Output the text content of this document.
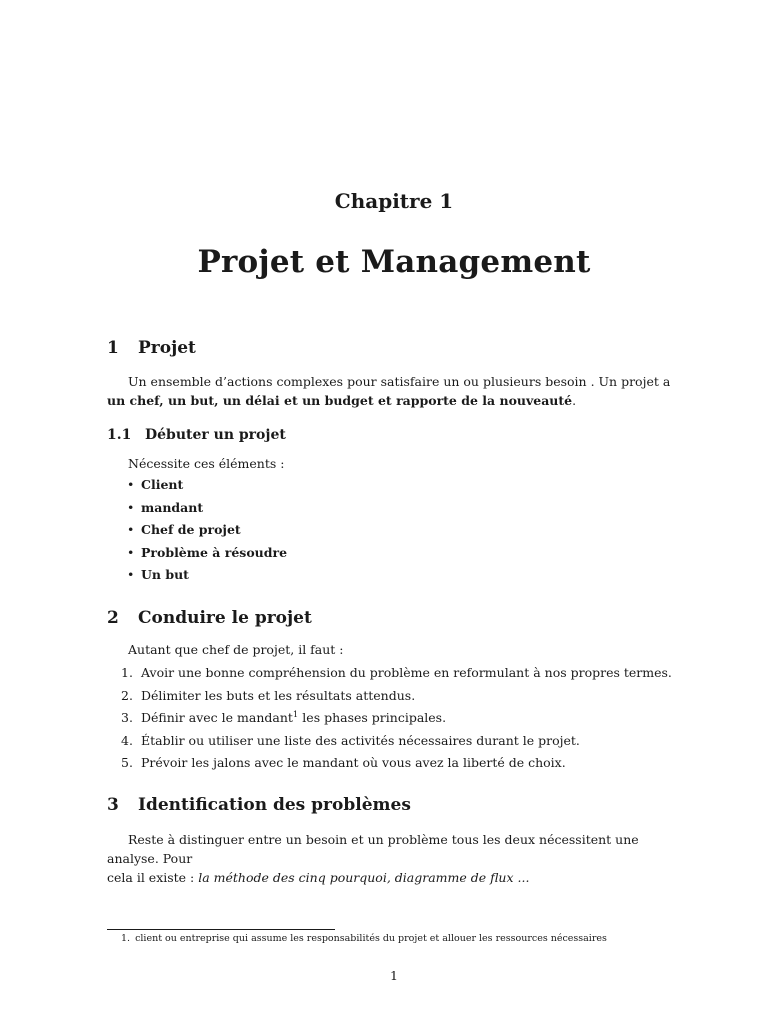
Chapitre 1
Projet et Management
1 Projet
Un ensemble d’actions complexes pour satisfaire un ou plusieurs besoin . Un projet a un chef, un but, un délai et un budget et rapporte de la nouveauté.
1.1 Débuter un projet
Nécessite ces éléments :
• Client
• mandant
• Chef de projet
• Problème à résoudre
• Un but
2 Conduire le projet
Autant que chef de projet, il faut :
1. Avoir une bonne compréhension du problème en reformulant à nos propres termes.
2. Délimiter les buts et les résultats attendus.
3. Définir avec le mandant$^1$ les phases principales.
4. Établir ou utiliser une liste des activités nécessaires durant le projet.
5. Prévoir les jalons avec le mandant où vous avez la liberté de choix.
3 Identification des problèmes
Reste à distinguer entre un besoin et un problème tous les deux nécessitent une analyse. Pour
cela il existe : la méthode des cinq pourquoi, diagramme de flux ...
1. client ou entreprise qui assume les responsabilités du projet et allouer les ressources nécessaires
1
